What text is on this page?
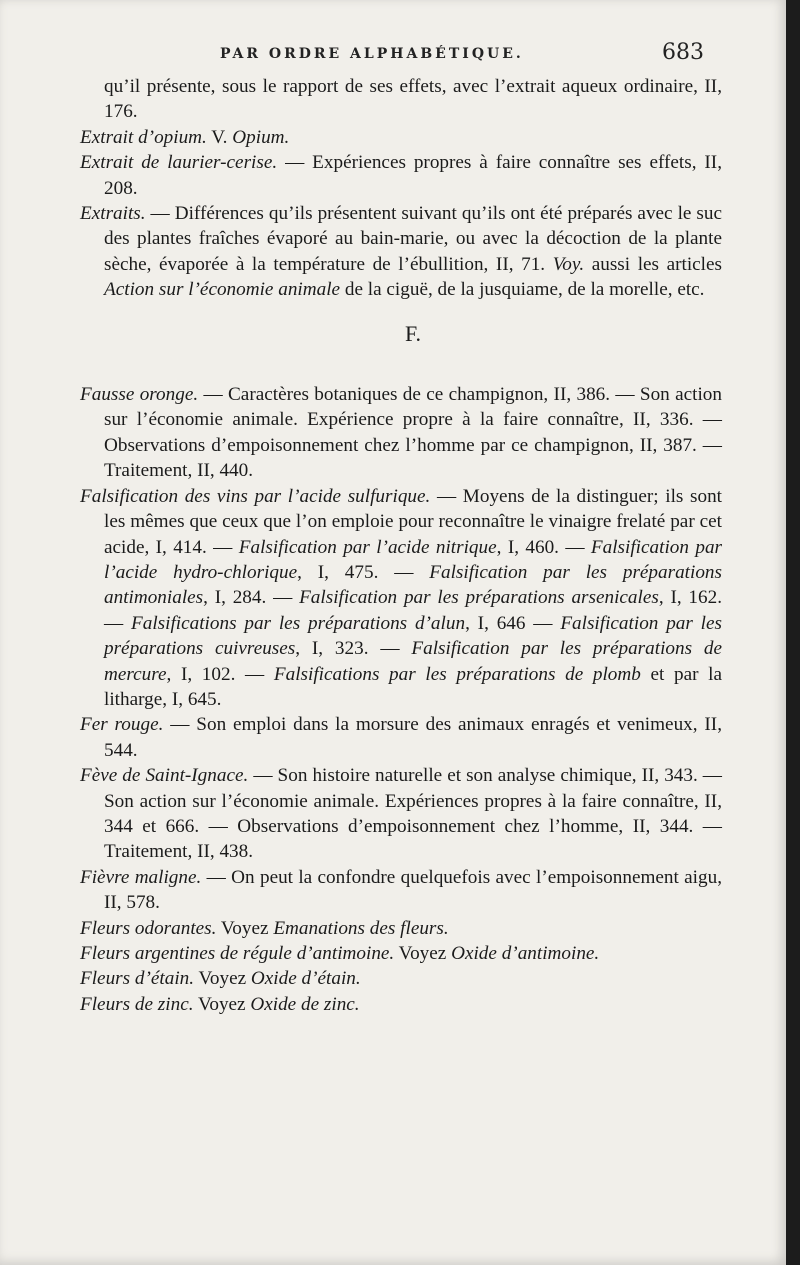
PAR ORDRE ALPHABÉTIQUE.	683

qu’il présente, sous le rapport de ses effets, avec l’extrait aqueux ordinaire, II, 176.

Extrait d’opium. V. Opium.

Extrait de laurier-cerise. — Expériences propres à faire connaître ses effets, II, 208.

Extraits. — Différences qu’ils présentent suivant qu’ils ont été préparés avec le suc des plantes fraîches évaporé au bain-marie, ou avec la décoction de la plante sèche, évaporée à la température de l’ébullition, II, 71. Voy. aussi les articles Action sur l’économie animale de la ciguë, de la jusquiame, de la morelle, etc.

F.

Fausse oronge. — Caractères botaniques de ce champignon, II, 386. — Son action sur l’économie animale. Expérience propre à la faire connaître, II, 336. — Observations d’empoisonnement chez l’homme par ce champignon, II, 387. — Traitement, II, 440.

Falsification des vins par l’acide sulfurique. — Moyens de la distinguer; ils sont les mêmes que ceux que l’on emploie pour reconnaître le vinaigre frelaté par cet acide, I, 414. — Falsification par l’acide nitrique, I, 460. — Falsification par l’acide hydro-chlorique, I, 475. — Falsification par les préparations antimoniales, I, 284. — Falsification par les préparations arsenicales, I, 162. — Falsifications par les préparations d’alun, I, 646 — Falsification par les préparations cuivreuses, I, 323. — Falsification par les préparations de mercure, I, 102. — Falsifications par les préparations de plomb et par la litharge, I, 645.

Fer rouge. — Son emploi dans la morsure des animaux enragés et venimeux, II, 544.

Fève de Saint-Ignace. — Son histoire naturelle et son analyse chimique, II, 343. — Son action sur l’économie animale. Expériences propres à la faire connaître, II, 344 et 666. — Observations d’empoisonnement chez l’homme, II, 344. — Traitement, II, 438.

Fièvre maligne. — On peut la confondre quelquefois avec l’empoisonnement aigu, II, 578.

Fleurs odorantes. Voyez Emanations des fleurs.

Fleurs argentines de régule d’antimoine. Voyez Oxide d’antimoine.

Fleurs d’étain. Voyez Oxide d’étain.

Fleurs de zinc. Voyez Oxide de zinc.
